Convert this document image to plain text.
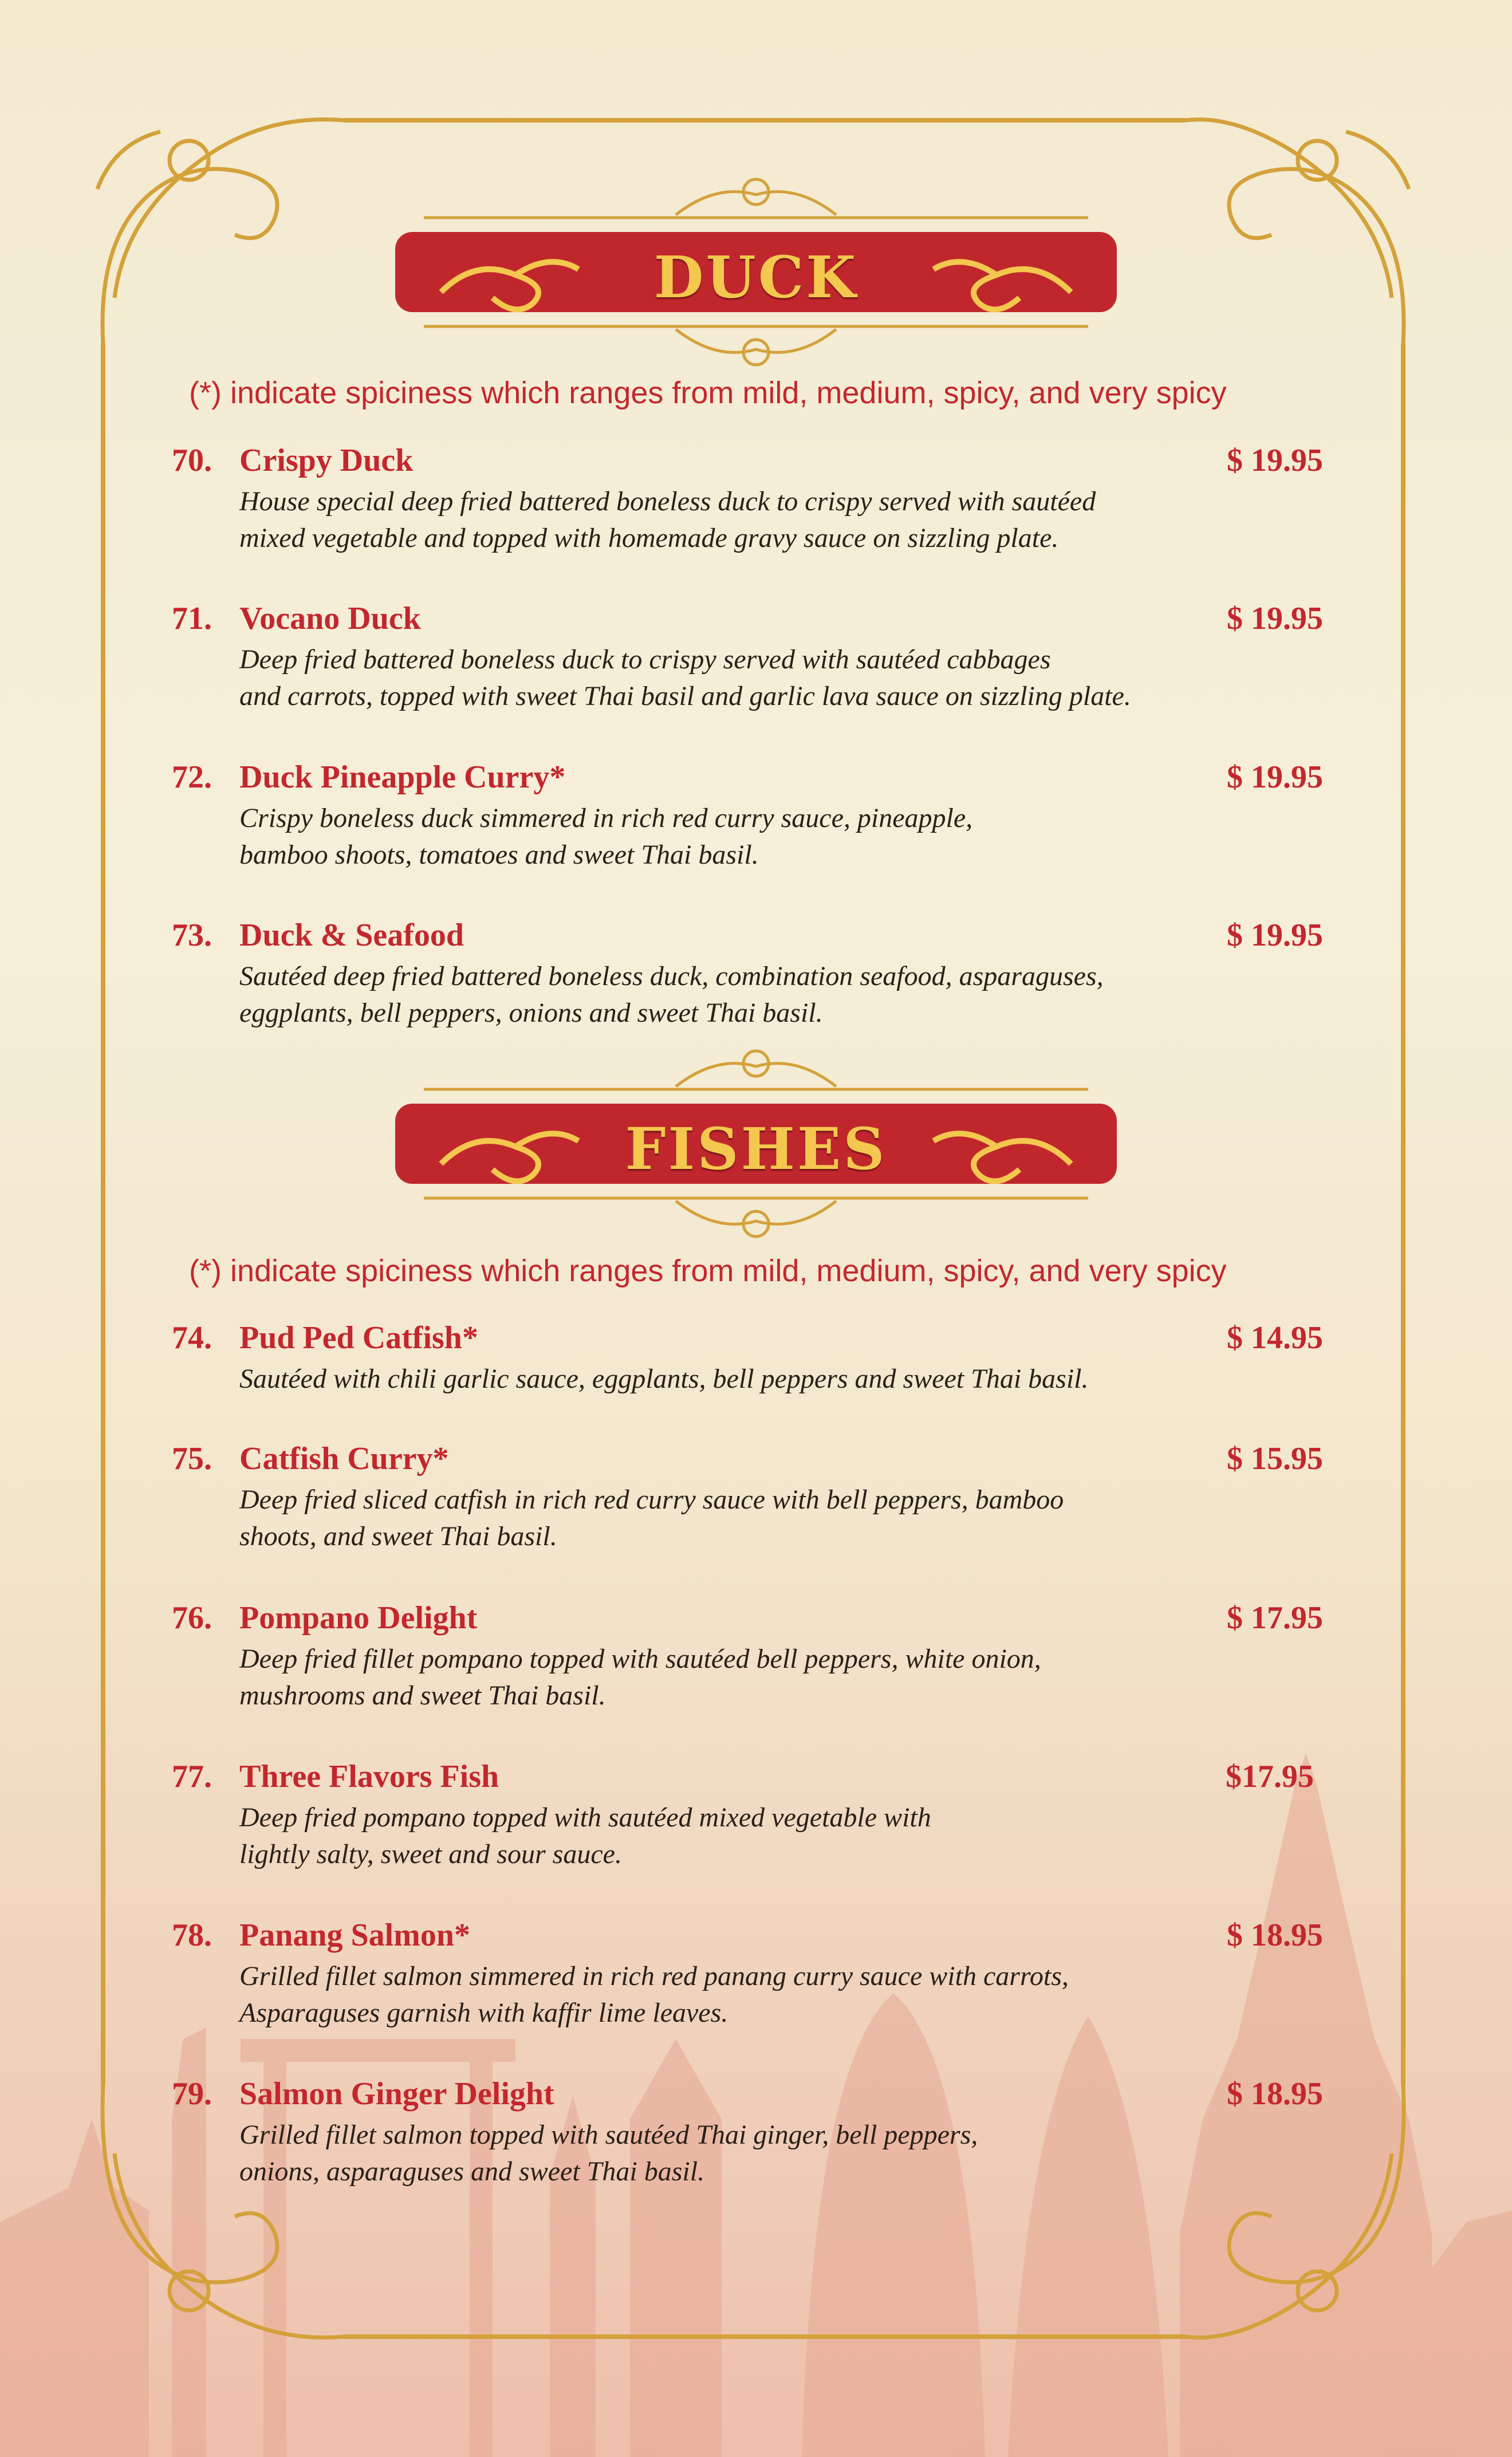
DUCK
(*) indicate spiciness which ranges from mild, medium, spicy, and very spicy
70. Crispy Duck	$ 19.95
House special deep fried battered boneless duck to crispy served with sautéed
mixed vegetable and topped with homemade gravy sauce on sizzling plate.
71. Vocano Duck	$ 19.95
Deep fried battered boneless duck to crispy served with sautéed cabbages
and carrots, topped with sweet Thai basil and garlic lava sauce on sizzling plate.
72. Duck Pineapple Curry*	$ 19.95
Crispy boneless duck simmered in rich red curry sauce, pineapple,
bamboo shoots, tomatoes and sweet Thai basil.
73. Duck & Seafood	$ 19.95
Sautéed deep fried battered boneless duck, combination seafood, asparaguses,
eggplants, bell peppers, onions and sweet Thai basil.
FISHES
(*) indicate spiciness which ranges from mild, medium, spicy, and very spicy
74. Pud Ped Catfish*	$ 14.95
Sautéed with chili garlic sauce, eggplants, bell peppers and sweet Thai basil.
75. Catfish Curry*	$ 15.95
Deep fried sliced catfish in rich red curry sauce with bell peppers, bamboo
shoots, and sweet Thai basil.
76. Pompano Delight	$ 17.95
Deep fried fillet pompano topped with sautéed bell peppers, white onion,
mushrooms and sweet Thai basil.
77. Three Flavors Fish	$17.95
Deep fried pompano topped with sautéed mixed vegetable with
lightly salty, sweet and sour sauce.
78. Panang Salmon*	$ 18.95
Grilled fillet salmon simmered in rich red panang curry sauce with carrots,
Asparaguses garnish with kaffir lime leaves.
79. Salmon Ginger Delight	$ 18.95
Grilled fillet salmon topped with sautéed Thai ginger, bell peppers,
onions, asparaguses and sweet Thai basil.
